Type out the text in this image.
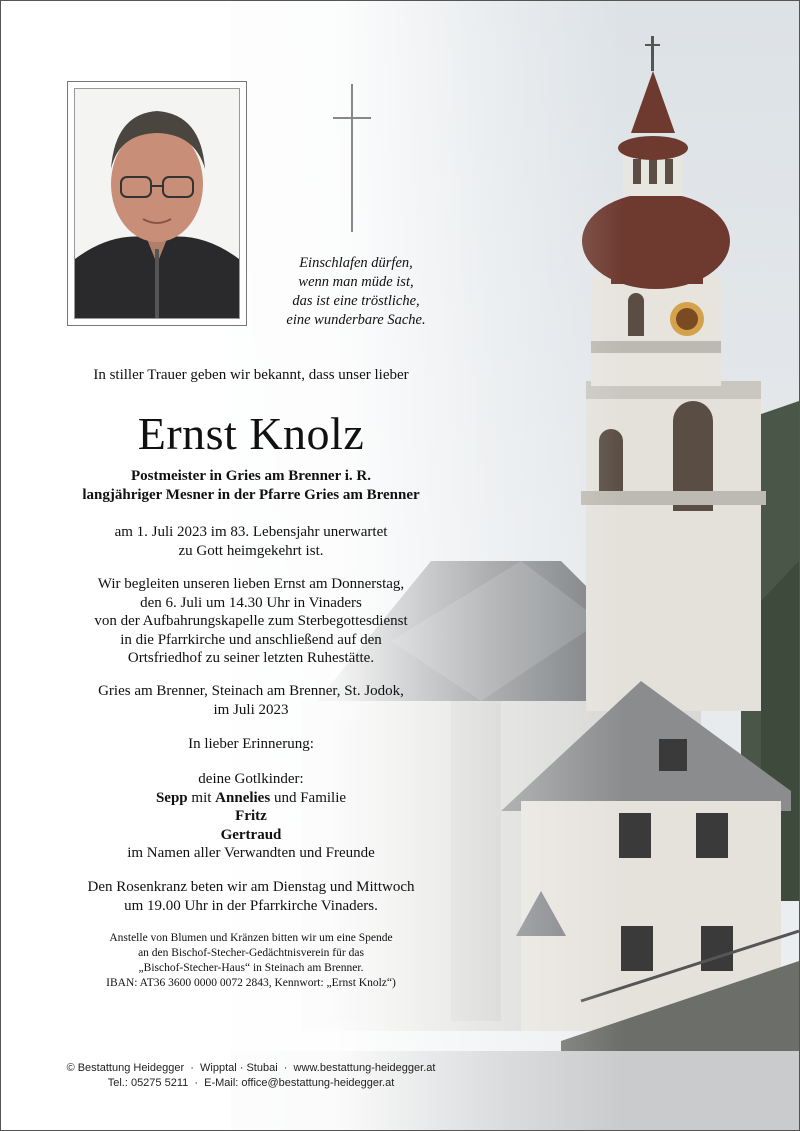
Einschlafen dürfen,
wenn man müde ist,
das ist eine tröstliche,
eine wunderbare Sache.
In stiller Trauer geben wir bekannt, dass unser lieber
Ernst Knolz
Postmeister in Gries am Brenner i. R.
langjähriger Mesner in der Pfarre Gries am Brenner
am 1. Juli 2023 im 83. Lebensjahr unerwartet
zu Gott heimgekehrt ist.
Wir begleiten unseren lieben Ernst am Donnerstag,
den 6. Juli um 14.30 Uhr in Vinaders
von der Aufbahrungskapelle zum Sterbegottesdienst
in die Pfarrkirche und anschließend auf den
Ortsfriedhof zu seiner letzten Ruhestätte.
Gries am Brenner, Steinach am Brenner, St. Jodok,
im Juli 2023
In lieber Erinnerung:
deine Gotlkinder:
Sepp mit Annelies und Familie
Fritz
Gertraud
im Namen aller Verwandten und Freunde
Den Rosenkranz beten wir am Dienstag und Mittwoch
um 19.00 Uhr in der Pfarrkirche Vinaders.
Anstelle von Blumen und Kränzen bitten wir um eine Spende
an den Bischof-Stecher-Gedächtnisverein für das
„Bischof-Stecher-Haus“ in Steinach am Brenner.
IBAN: AT36 3600 0000 0072 2843, Kennwort: „Ernst Knolz“)
© Bestattung Heidegger  ·  Wipptal · Stubai  ·  www.bestattung-heidegger.at
Tel.: 05275 5211  ·  E-Mail: office@bestattung-heidegger.at
